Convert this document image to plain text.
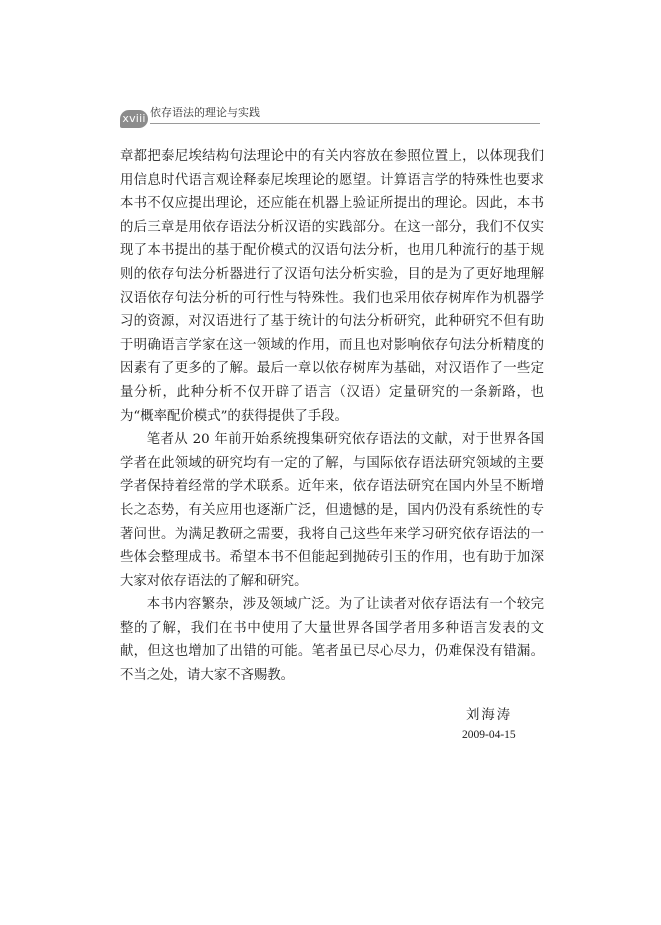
xviii 依存语法的理论与实践

章都把泰尼埃结构句法理论中的有关内容放在参照位置上，以体现我们用信息时代语言观诠释泰尼埃理论的愿望。计算语言学的特殊性也要求本书不仅应提出理论，还应能在机器上验证所提出的理论。因此，本书的后三章是用依存语法分析汉语的实践部分。在这一部分，我们不仅实现了本书提出的基于配价模式的汉语句法分析，也用几种流行的基于规则的依存句法分析器进行了汉语句法分析实验，目的是为了更好地理解汉语依存句法分析的可行性与特殊性。我们也采用依存树库作为机器学习的资源，对汉语进行了基于统计的句法分析研究，此种研究不但有助于明确语言学家在这一领域的作用，而且也对影响依存句法分析精度的因素有了更多的了解。最后一章以依存树库为基础，对汉语作了一些定量分析，此种分析不仅开辟了语言（汉语）定量研究的一条新路，也为“概率配价模式”的获得提供了手段。

笔者从 20 年前开始系统搜集研究依存语法的文献，对于世界各国学者在此领域的研究均有一定的了解，与国际依存语法研究领域的主要学者保持着经常的学术联系。近年来，依存语法研究在国内外呈不断增长之态势，有关应用也逐渐广泛，但遗憾的是，国内仍没有系统性的专著问世。为满足教研之需要，我将自己这些年来学习研究依存语法的一些体会整理成书。希望本书不但能起到抛砖引玉的作用，也有助于加深大家对依存语法的了解和研究。

本书内容繁杂，涉及领域广泛。为了让读者对依存语法有一个较完整的了解，我们在书中使用了大量世界各国学者用多种语言发表的文献，但这也增加了出错的可能。笔者虽已尽心尽力，仍难保没有错漏。不当之处，请大家不吝赐教。

刘海涛
2009-04-15
